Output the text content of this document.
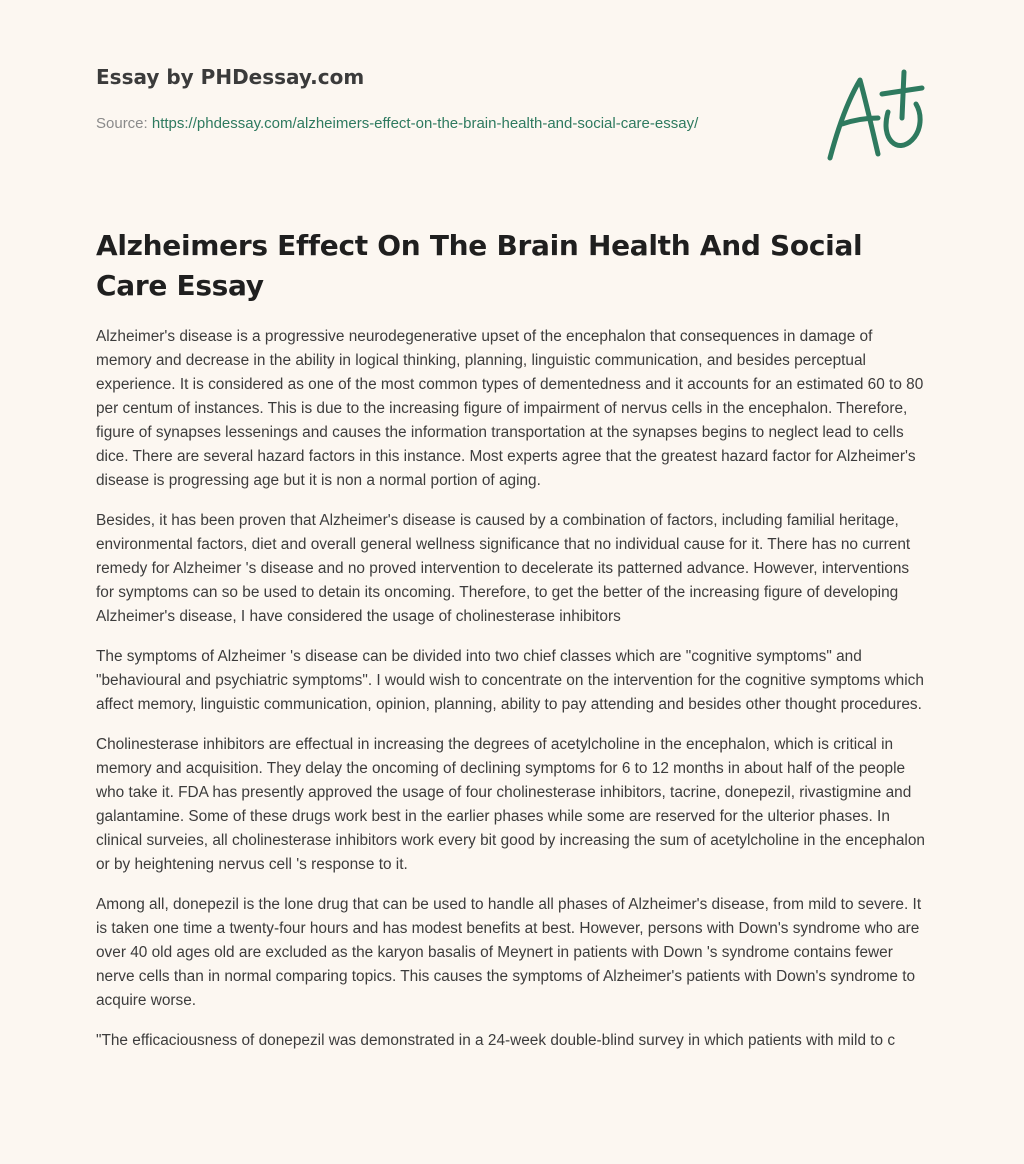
Essay by PHDessay.com
Source: https://phdessay.com/alzheimers-effect-on-the-brain-health-and-social-care-essay/
Alzheimers Effect On The Brain Health And Social Care Essay

Alzheimer's disease is a progressive neurodegenerative upset of the encephalon that consequences in damage of memory and decrease in the ability in logical thinking, planning, linguistic communication, and besides perceptual experience. It is considered as one of the most common types of dementedness and it accounts for an estimated 60 to 80 per centum of instances. This is due to the increasing figure of impairment of nervus cells in the encephalon. Therefore, figure of synapses lessenings and causes the information transportation at the synapses begins to neglect lead to cells dice. There are several hazard factors in this instance. Most experts agree that the greatest hazard factor for Alzheimer's disease is progressing age but it is non a normal portion of aging.

Besides, it has been proven that Alzheimer's disease is caused by a combination of factors, including familial heritage, environmental factors, diet and overall general wellness significance that no individual cause for it. There has no current remedy for Alzheimer 's disease and no proved intervention to decelerate its patterned advance. However, interventions for symptoms can so be used to detain its oncoming. Therefore, to get the better of the increasing figure of developing Alzheimer's disease, I have considered the usage of cholinesterase inhibitors

The symptoms of Alzheimer 's disease can be divided into two chief classes which are "cognitive symptoms" and "behavioural and psychiatric symptoms". I would wish to concentrate on the intervention for the cognitive symptoms which affect memory, linguistic communication, opinion, planning, ability to pay attending and besides other thought procedures.

Cholinesterase inhibitors are effectual in increasing the degrees of acetylcholine in the encephalon, which is critical in memory and acquisition. They delay the oncoming of declining symptoms for 6 to 12 months in about half of the people who take it. FDA has presently approved the usage of four cholinesterase inhibitors, tacrine, donepezil, rivastigmine and galantamine. Some of these drugs work best in the earlier phases while some are reserved for the ulterior phases. In clinical surveies, all cholinesterase inhibitors work every bit good by increasing the sum of acetylcholine in the encephalon or by heightening nervus cell 's response to it.

Among all, donepezil is the lone drug that can be used to handle all phases of Alzheimer's disease, from mild to severe. It is taken one time a twenty-four hours and has modest benefits at best. However, persons with Down's syndrome who are over 40 old ages old are excluded as the karyon basalis of Meynert in patients with Down 's syndrome contains fewer nerve cells than in normal comparing topics. This causes the symptoms of Alzheimer's patients with Down's syndrome to acquire worse.

"The efficaciousness of donepezil was demonstrated in a 24-week double-blind survey in which patients with mild to c
